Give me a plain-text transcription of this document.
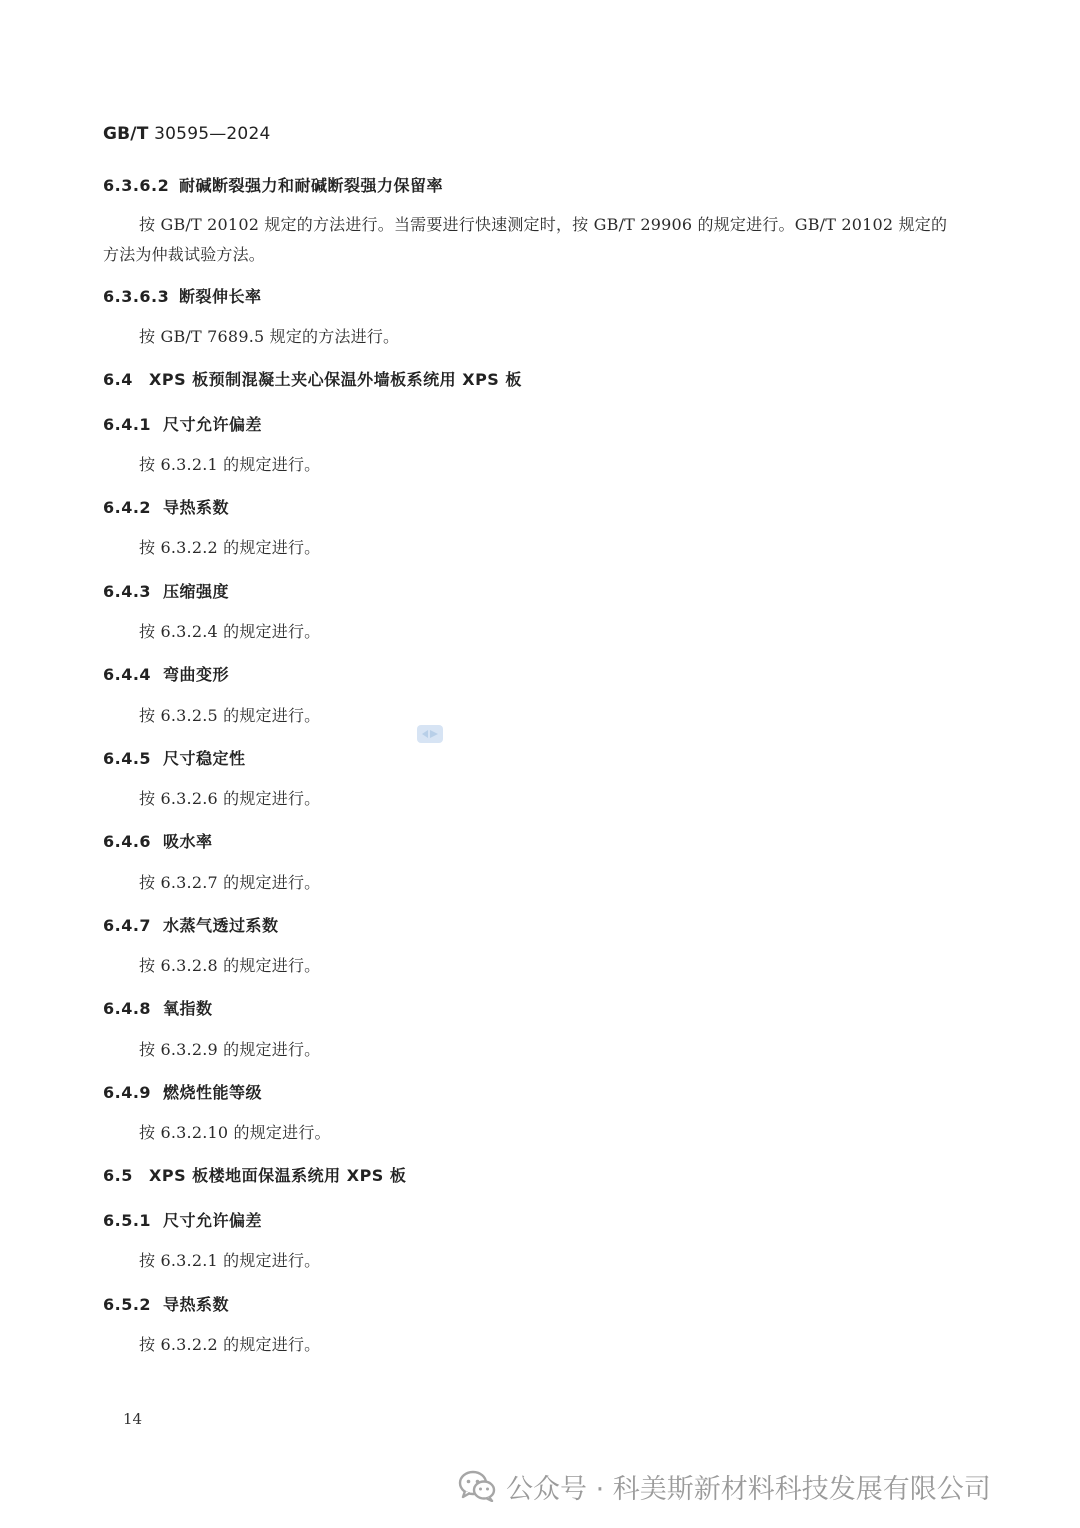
GB/T 30595—2024
6.3.6.2 耐碱断裂强力和耐碱断裂强力保留率
按 GB/T 20102 规定的方法进行。当需要进行快速测定时，按 GB/T 29906 的规定进行。GB/T 20102 规定的方法为仲裁试验方法。
6.3.6.3 断裂伸长率
按 GB/T 7689.5 规定的方法进行。
6.4 XPS 板预制混凝土夹心保温外墙板系统用 XPS 板
6.4.1 尺寸允许偏差
按 6.3.2.1 的规定进行。
6.4.2 导热系数
按 6.3.2.2 的规定进行。
6.4.3 压缩强度
按 6.3.2.4 的规定进行。
6.4.4 弯曲变形
按 6.3.2.5 的规定进行。
6.4.5 尺寸稳定性
按 6.3.2.6 的规定进行。
6.4.6 吸水率
按 6.3.2.7 的规定进行。
6.4.7 水蒸气透过系数
按 6.3.2.8 的规定进行。
6.4.8 氧指数
按 6.3.2.9 的规定进行。
6.4.9 燃烧性能等级
按 6.3.2.10 的规定进行。
6.5 XPS 板楼地面保温系统用 XPS 板
6.5.1 尺寸允许偏差
按 6.3.2.1 的规定进行。
6.5.2 导热系数
按 6.3.2.2 的规定进行。
14
公众号 · 科美斯新材料科技发展有限公司
